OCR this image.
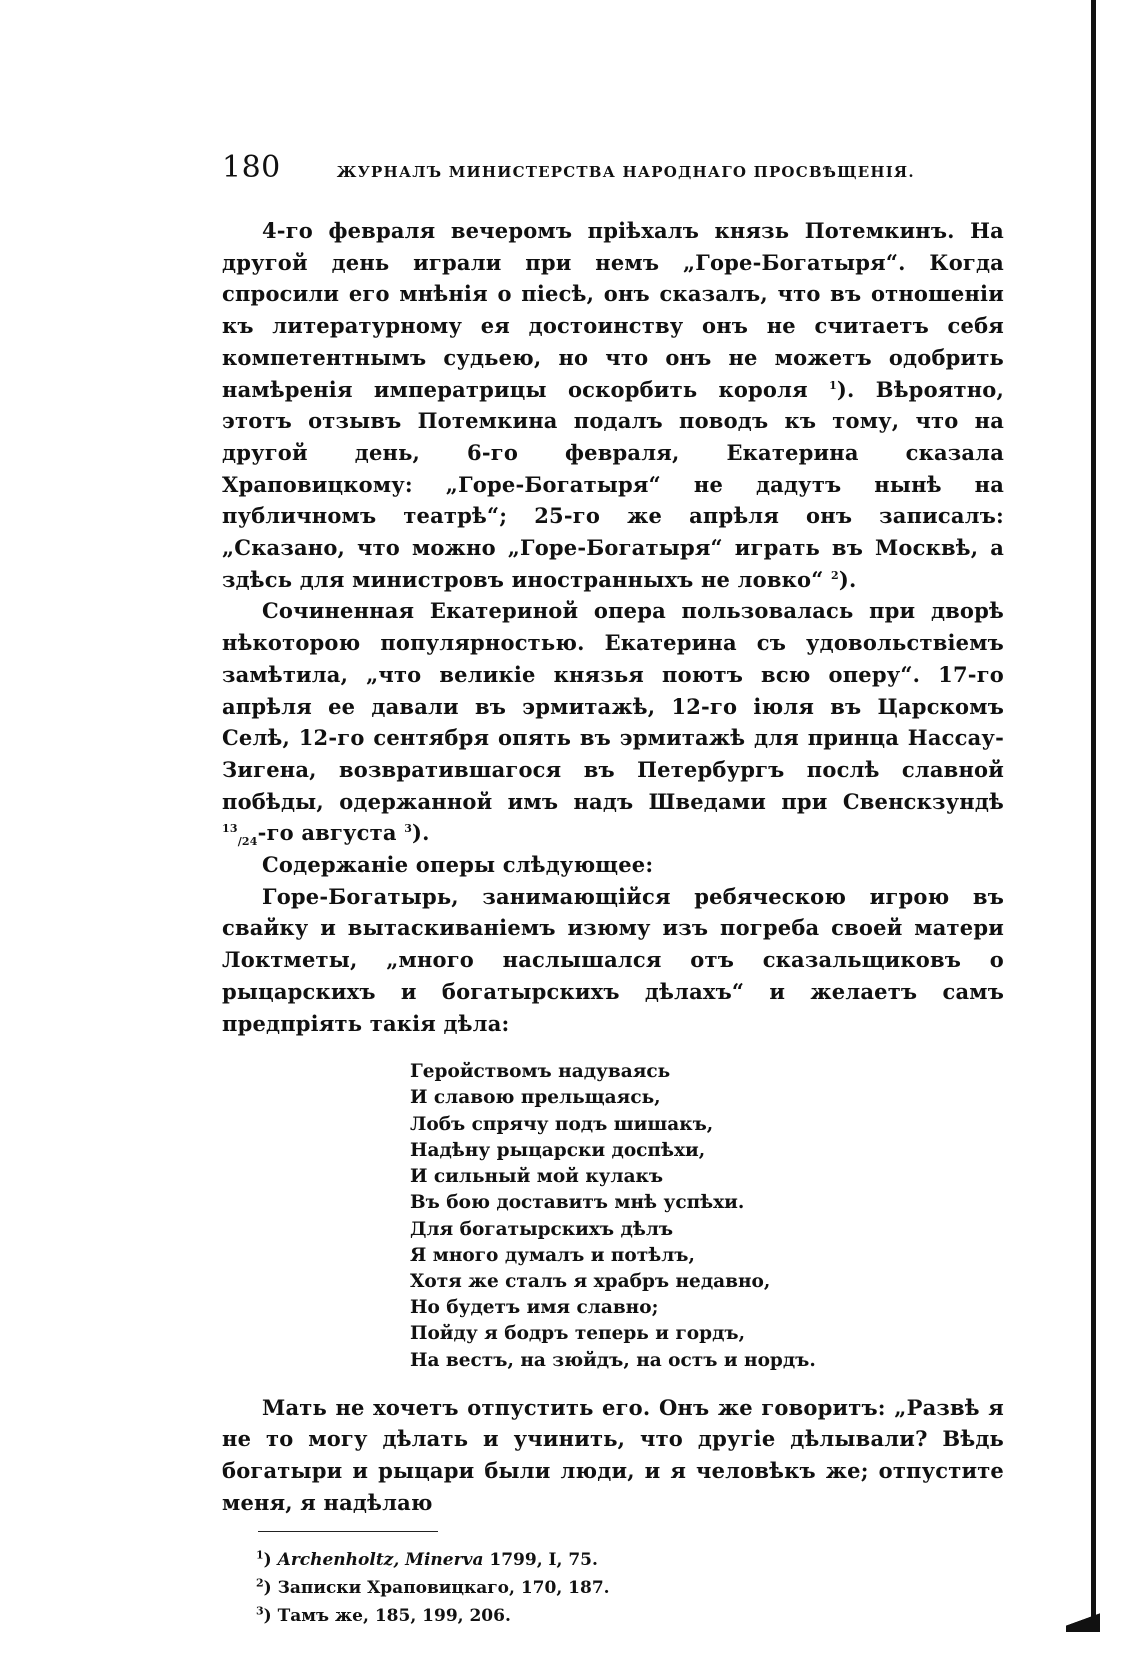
180	ЖУРНАЛЪ МИНИСТЕРСТВА НАРОДНАГО ПРОСВѢЩЕНІЯ.

4-го февраля вечеромъ пріѣхалъ князь Потемкинъ. На другой день играли при немъ „Горе-Богатыря“. Когда спросили его мнѣнія о піесѣ, онъ сказалъ, что въ отношеніи къ литературному ея достоинству онъ не считаетъ себя компетентнымъ судьею, но что онъ не можетъ одобрить намѣренія императрицы оскорбить короля $^1$). Вѣроятно, этотъ отзывъ Потемкина подалъ поводъ къ тому, что на другой день, 6-го февраля, Екатерина сказала Храповицкому: „Горе-Богатыря“ не дадутъ нынѣ на публичномъ театрѣ“; 25-го же апрѣля онъ записалъ: „Сказано, что можно „Горе-Богатыря“ играть въ Москвѣ, а здѣсь для министровъ иностранныхъ не ловко“ $^2$).

Сочиненная Екатериной опера пользовалась при дворѣ нѣкоторою популярностью. Екатерина съ удовольствіемъ замѣтила, „что великіе князья поютъ всю оперу“. 17-го апрѣля ее давали въ эрмитажѣ, 12-го іюля въ Царскомъ Селѣ, 12-го сентября опять въ эрмитажѣ для принца Нассау-Зигена, возвратившагося въ Петербургъ послѣ славной побѣды, одержанной имъ надъ Шведами при Свенскзундѣ $^{13}_{/24}$-го августа $^3$).

Содержаніе оперы слѣдующее:

Горе-Богатырь, занимающійся ребяческою игрою въ свайку и вытаскиваніемъ изюму изъ погреба своей матери Локтметы, „много наслышался отъ сказальщиковъ о рыцарскихъ и богатырскихъ дѣлахъ“ и желаетъ самъ предпріять такія дѣла:

Геройствомъ надуваясь
И славою прельщаясь,
Лобъ спрячу подъ шишакъ,
Надѣну рыцарски доспѣхи,
И сильный мой кулакъ
Въ бою доставитъ мнѣ успѣхи.
Для богатырскихъ дѣлъ
Я много думалъ и потѣлъ,
Хотя же сталъ я храбръ недавно,
Но будетъ имя славно;
Пойду я бодръ теперь и гордъ,
На вестъ, на зюйдъ, на остъ и нордъ.

Мать не хочетъ отпустить его. Онъ же говоритъ: „Развѣ я не то могу дѣлать и учинить, что другіе дѣлывали? Вѣдь богатыри и рыцари были люди, и я человѣкъ же; отпустите меня, я надѣлаю

$^1$) Archenholtz, Minerva 1799, I, 75.
$^2$) Записки Храповицкаго, 170, 187.
$^3$) Тамъ же, 185, 199, 206.
